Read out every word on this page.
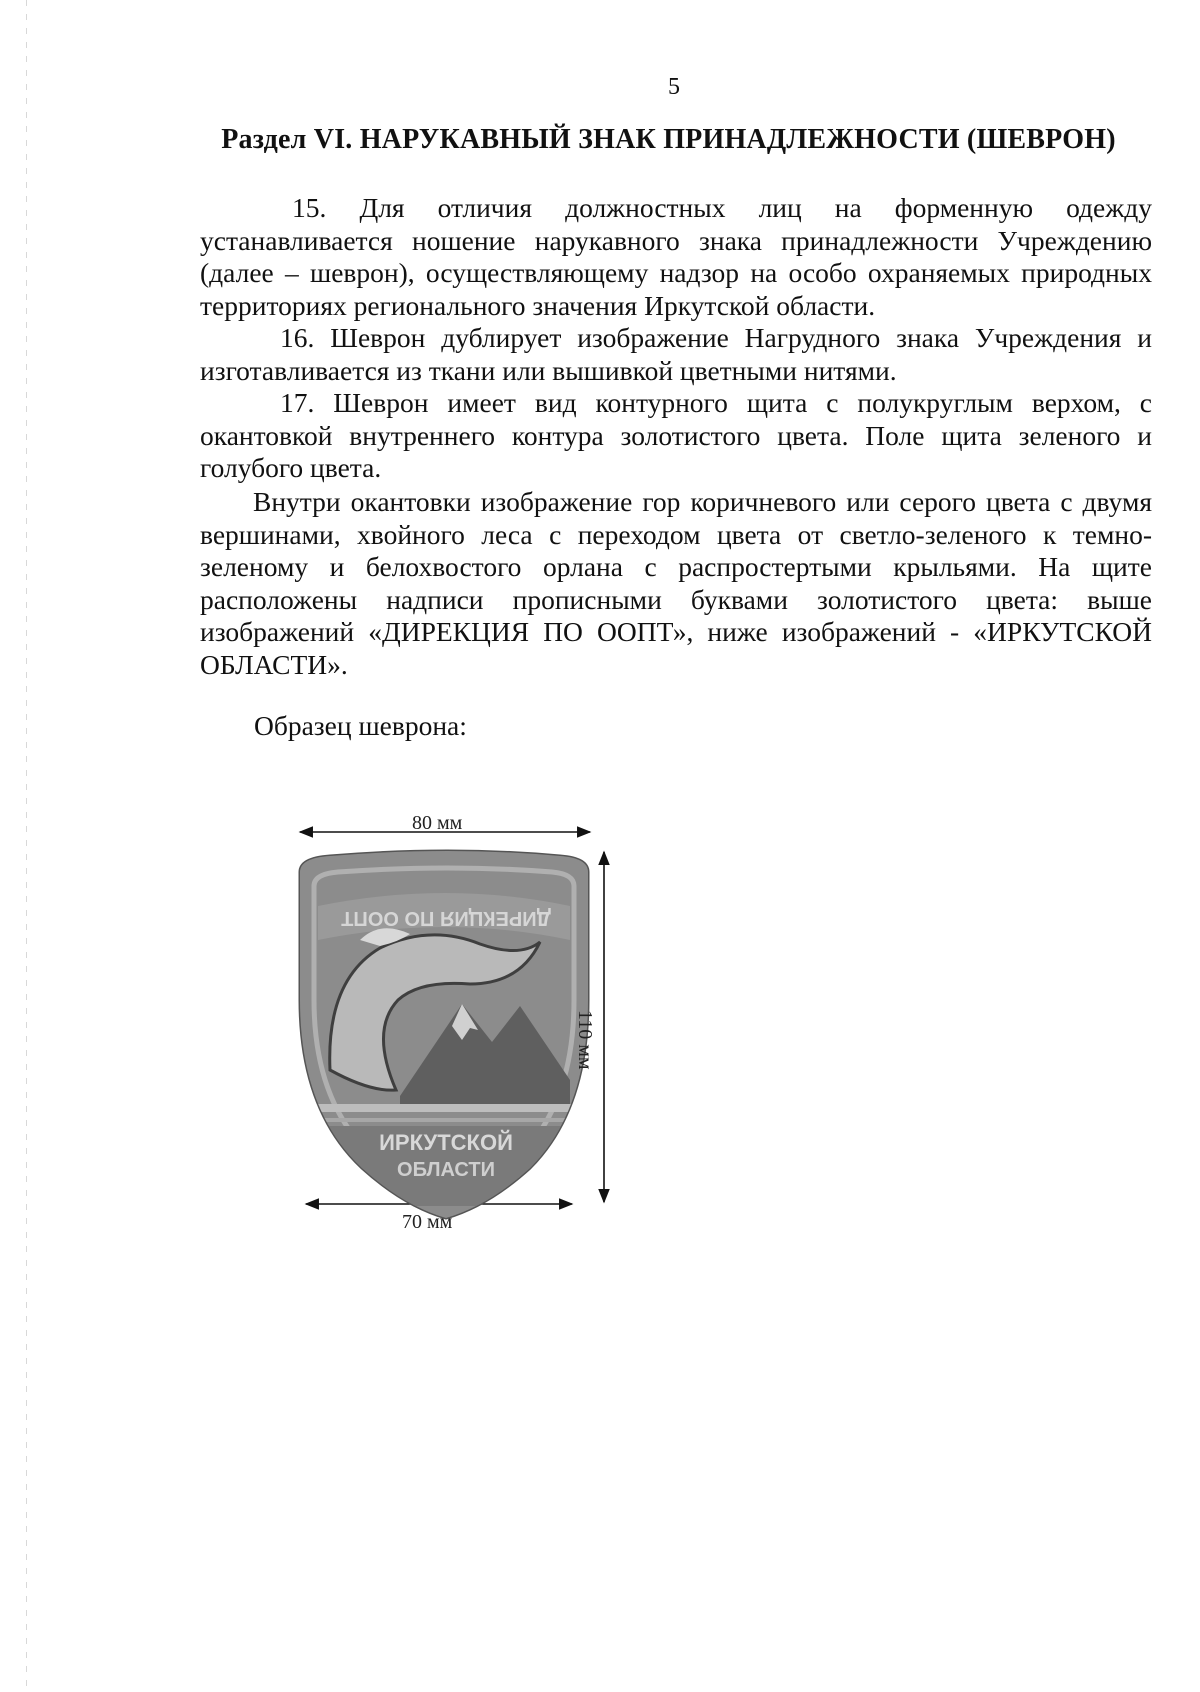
5
Раздел VI. НАРУКАВНЫЙ ЗНАК ПРИНАДЛЕЖНОСТИ (ШЕВРОН)

15. Для отличия должностных лиц на форменную одежду устанавливается ношение нарукавного знака принадлежности Учреждению (далее – шеврон), осуществляющему надзор на особо охраняемых природных территориях регионального значения Иркутской области.

16. Шеврон дублирует изображение Нагрудного знака Учреждения и изготавливается из ткани или вышивкой цветными нитями.

17. Шеврон имеет вид контурного щита с полукруглым верхом, с окантовкой внутреннего контура золотистого цвета. Поле щита зеленого и голубого цвета.

Внутри окантовки изображение гор коричневого или серого цвета с двумя вершинами, хвойного леса с переходом цвета от светло-зеленого к темно-зеленому и белохвостого орлана с распростертыми крыльями. На щите расположены надписи прописными буквами золотистого цвета: выше изображений «ДИРЕКЦИЯ ПО ООПТ», ниже изображений - «ИРКУТСКОЙ ОБЛАСТИ».

Образец шеврона:
ДИРЕКЦИЯ ПО ООПТ
ИРКУТСКОЙ
ОБЛАСТИ
80 мм
70 мм
110 мм
